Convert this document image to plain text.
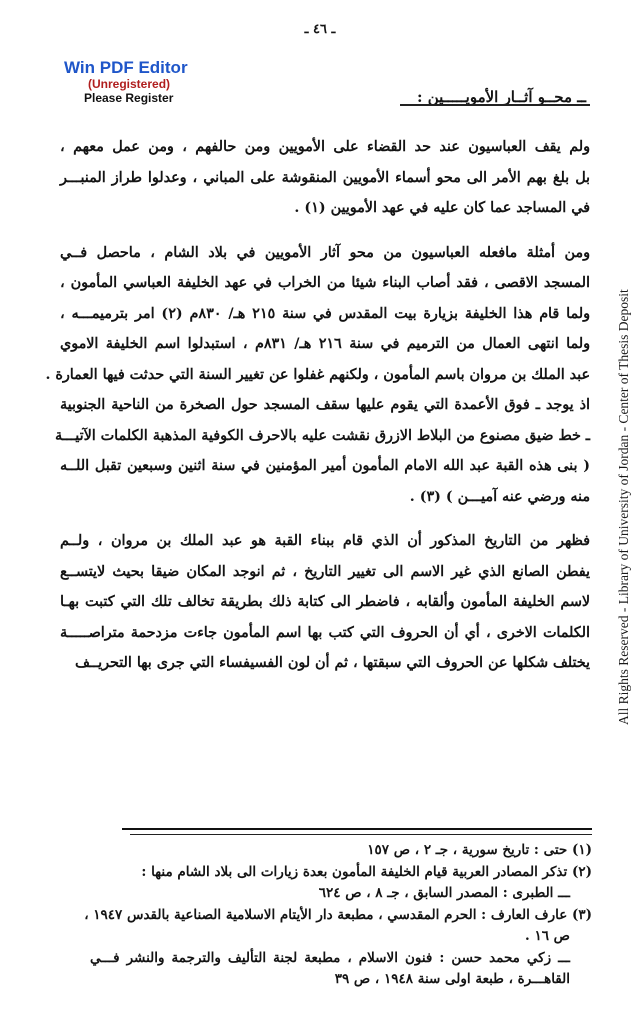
Win PDF Editor
(Unregistered)
Please Register
ـ ٤٦ ـ
All Rights Reserved - Library of University of Jordan - Center of Thesis Deposit
ــ محــو آثــار الأمويـــــين :
ولم يقف العباسيون عند حد القضاء على الأمويين ومن حالفهم ، ومن عمل معهم ،
بل بلغ بهم الأمر الى محو أسماء الأمويين المنقوشة على المباني ، وعدلوا طراز المنبـــر
في المساجد عما كان عليه في عهد الأمويين (١) .
ومن أمثلة مافعله العباسيون من محو آثار الأمويين في بلاد الشام ، ماحصل فــي
المسجد الاقصى ، فقد أصاب البناء شيئا من الخراب في عهد الخليفة العباسي المأمون ،
ولما قام هذا الخليفة بزيارة بيت المقدس في سنة ٢١٥ هـ/ ٨٣٠م (٢) امر بترميمـــه ،
ولما انتهى العمال من الترميم في سنة ٢١٦ هـ/ ٨٣١م ، استبدلوا اسم الخليفة الاموي
عبد الملك بن مروان باسم المأمون ، ولكنهم غفلوا عن تغيير السنة التي حدثت فيها العمارة .
اذ يوجد ـ فوق الأعمدة التي يقوم عليها سقف المسجد حول الصخرة من الناحية الجنوبية
ـ خط ضيق مصنوع من البلاط الازرق نقشت عليه بالاحرف الكوفية المذهبة الكلمات الآتيـــة
( بنى هذه القبة عبد الله الامام المأمون أمير المؤمنين في سنة اثنين وسبعين تقبل اللــه
منه ورضي عنه آميـــن ) (٣) .
فظهر من التاريخ المذكور أن الذي قام ببناء القبة هو عبد الملك بن مروان ، ولــم
يفطن الصانع الذي غير الاسم الى تغيير التاريخ ، ثم انوجد المكان ضيقا بحيث لايتســع
لاسم الخليفة المأمون وألقابه ، فاضطر الى كتابة ذلك بطريقة تخالف تلك التي كتبت بهـا
الكلمات الاخرى ، أي أن الحروف التي كتب بها اسم المأمون جاءت مزدحمة متراصـــــة
يختلف شكلها عن الحروف التي سبقتها ، ثم أن لون الفسيفساء التي جرى بها التحريــف
(١) حتى : تاريخ سورية ، جـ ٢ ، ص ١٥٧
(٢) تذكر المصادر العربية قيام الخليفة المأمون بعدة زيارات الى بلاد الشام منها :
ـــ الطبرى : المصدر السابق ، جـ ٨ ، ص ٦٢٤
(٣) عارف العارف : الحرم المقدسي ، مطبعة دار الأيتام الاسلامية الصناعية بالقدس ١٩٤٧ ،
ص ١٦ .
ـــ زكي محمد حسن : فنون الاسلام ، مطبعة لجنة التأليف والترجمة والنشر فـــي
القاهـــرة ، طبعة اولى سنة ١٩٤٨ ، ص ٣٩
